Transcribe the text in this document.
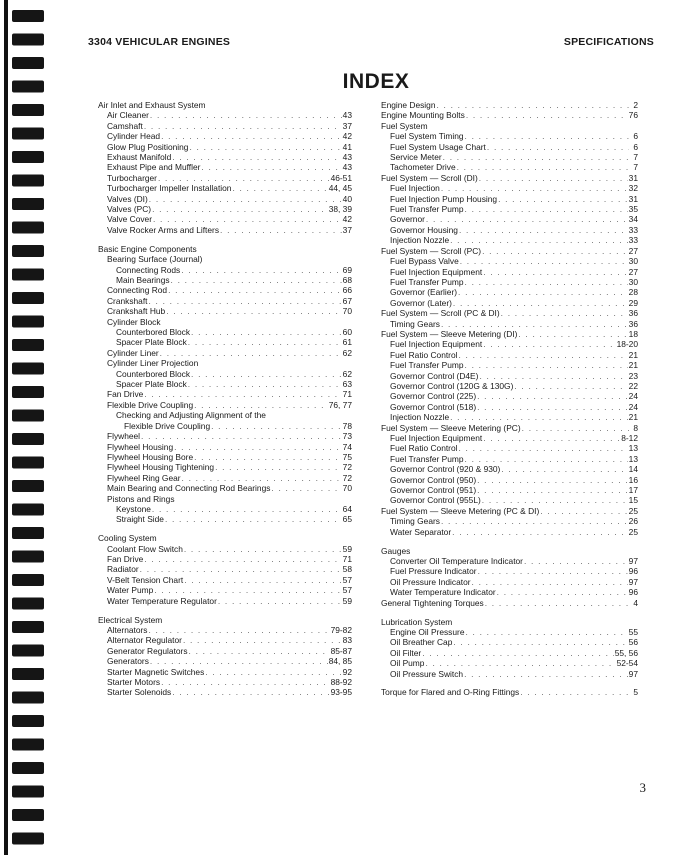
3304 VEHICULAR ENGINES	SPECIFICATIONS
INDEX
Air Inlet and Exhaust System
Air Cleaner . . .	43
Camshaft . . .	37
Cylinder Head . . .	42
Glow Plug Positioning . . .	41
Exhaust Manifold . . .	43
Exhaust Pipe and Muffler . . .	43
Turbocharger . . .	46-51
Turbocharger Impeller Installation . . .	44, 45
Valves (DI) . . .	40
Valves (PC) . . .	38, 39
Valve Cover . . .	42
Valve Rocker Arms and Lifters . . .	37
Basic Engine Components
Bearing Surface (Journal)
Connecting Rods . . .	69
Main Bearings . . .	68
Connecting Rod . . .	66
Crankshaft . . .	67
Crankshaft Hub . . .	70
Cylinder Block
Counterbored Block . . .	60
Spacer Plate Block . . .	61
Cylinder Liner . . .	62
Cylinder Liner Projection
Counterbored Block . . .	62
Spacer Plate Block . . .	63
Fan Drive . . .	71
Flexible Drive Coupling . . .	76, 77
Checking and Adjusting Alignment of the
Flexible Drive Coupling . . .	78
Flywheel . . .	73
Flywheel Housing . . .	74
Flywheel Housing Bore . . .	75
Flywheel Housing Tightening . . .	72
Flywheel Ring Gear . . .	72
Main Bearing and Connecting Rod Bearings . . .	70
Pistons and Rings
Keystone . . .	64
Straight Side . . .	65
Cooling System
Coolant Flow Switch . . .	59
Fan Drive . . .	71
Radiator . . .	58
V-Belt Tension Chart . . .	57
Water Pump . . .	57
Water Temperature Regulator . . .	59
Electrical System
Alternators . . .	79-82
Alternator Regulator . . .	83
Generator Regulators . . .	85-87
Generators . . .	84, 85
Starter Magnetic Switches . . .	92
Starter Motors . . .	88-92
Starter Solenoids . . .	93-95
Engine Design . . .	2
Engine Mounting Bolts . . .	76
Fuel System
Fuel System Timing . . .	6
Fuel System Usage Chart . . .	6
Service Meter . . .	7
Tachometer Drive . . .	7
Fuel System — Scroll (DI) . . .	31
Fuel Injection . . .	32
Fuel Injection Pump Housing . . .	31
Fuel Transfer Pump . . .	35
Governor . . .	34
Governor Housing . . .	33
Injection Nozzle . . .	33
Fuel System — Scroll (PC) . . .	27
Fuel Bypass Valve . . .	30
Fuel Injection Equipment . . .	27
Fuel Transfer Pump . . .	30
Governor (Earlier) . . .	28
Governor (Later) . . .	29
Fuel System — Scroll (PC & DI) . . .	36
Timing Gears . . .	36
Fuel System — Sleeve Metering (DI) . . .	18
Fuel Injection Equipment . . .	18-20
Fuel Ratio Control . . .	21
Fuel Transfer Pump . . .	21
Governor Control (D4E) . . .	23
Governor Control (120G & 130G) . . .	22
Governor Control (225) . . .	24
Governor Control (518) . . .	24
Injection Nozzle . . .	21
Fuel System — Sleeve Metering (PC) . . .	8
Fuel Injection Equipment . . .	8-12
Fuel Ratio Control . . .	13
Fuel Transfer Pump . . .	13
Governor Control (920 & 930) . . .	14
Governor Control (950) . . .	16
Governor Control (951) . . .	17
Governor Control (955L) . . .	15
Fuel System — Sleeve Metering (PC & DI) . . .	25
Timing Gears . . .	26
Water Separator . . .	25
Gauges
Converter Oil Temperature Indicator . . .	97
Fuel Pressure Indicator . . .	96
Oil Pressure Indicator . . .	97
Water Temperature Indicator . . .	96
General Tightening Torques . . .	4
Lubrication System
Engine Oil Pressure . . .	55
Oil Breather Cap . . .	56
Oil Filter . . .	55, 56
Oil Pump . . .	52-54
Oil Pressure Switch . . .	97
Torque for Flared and O-Ring Fittings . . .	5
3
